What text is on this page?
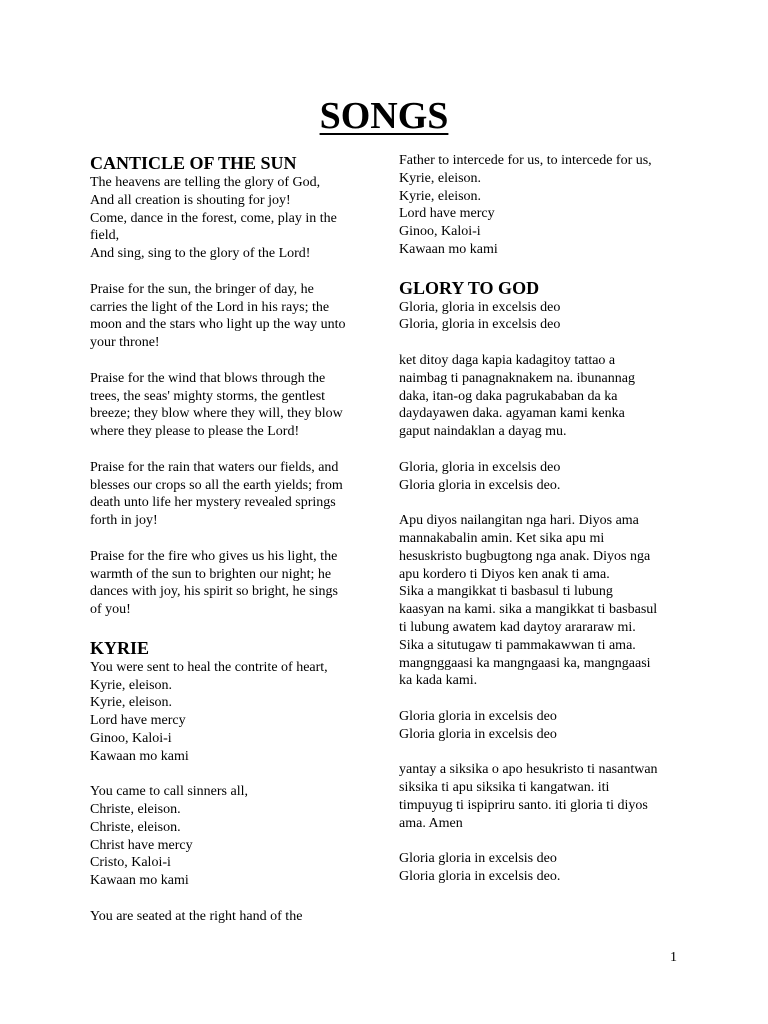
SONGS
CANTICLE OF THE SUN
The heavens are telling the glory of God,
And all creation is shouting for joy!
Come, dance in the forest, come, play in the
field,
And sing, sing to the glory of the Lord!
Praise for the sun, the bringer of day, he
carries the light of the Lord in his rays; the
moon and the stars who light up the way unto
your throne!
Praise for the wind that blows through the
trees, the seas' mighty storms, the gentlest
breeze; they blow where they will, they blow
where they please to please the Lord!
Praise for the rain that waters our fields, and
blesses our crops so all the earth yields; from
death unto life her mystery revealed springs
forth in joy!
Praise for the fire who gives us his light, the
warmth of the sun to brighten our night; he
dances with joy, his spirit so bright, he sings
of you!
KYRIE
You were sent to heal the contrite of heart,
Kyrie, eleison.
Kyrie, eleison.
Lord have mercy
Ginoo, Kaloi-i
Kawaan mo kami
You came to call sinners all,
Christe, eleison.
Christe, eleison.
Christ have mercy
Cristo, Kaloi-i
Kawaan mo kami
You are seated at the right hand of the
Father to intercede for us, to intercede for us,
Kyrie, eleison.
Kyrie, eleison.
Lord have mercy
Ginoo, Kaloi-i
Kawaan mo kami
GLORY TO GOD
Gloria, gloria in excelsis deo
Gloria, gloria in excelsis deo
ket ditoy daga kapia kadagitoy tattao a
naimbag ti panagnaknakem na. ibunannag
daka, itan-og daka pagrukababan da ka
daydayawen daka. agyaman kami kenka
gaput naindaklan a dayag mu.
Gloria, gloria in excelsis deo
Gloria gloria in excelsis deo.
Apu diyos nailangitan nga hari. Diyos ama
mannakabalin amin. Ket sika apu mi
hesuskristo bugbugtong nga anak. Diyos nga
apu kordero ti Diyos ken anak ti ama.
Sika a mangikkat ti basbasul ti lubung
kaasyan na kami. sika a mangikkat ti basbasul
ti lubung awatem kad daytoy arararaw mi.
Sika a situtugaw ti pammakawwan ti ama.
mangnggaasi ka mangngaasi ka, mangngaasi
ka kada kami.
Gloria gloria in excelsis deo
Gloria gloria in excelsis deo
yantay a siksika o apo hesukristo ti nasantwan
siksika ti apu siksika ti kangatwan. iti
timpuyug ti ispipriru santo. iti gloria ti diyos
ama. Amen
Gloria gloria in excelsis deo
Gloria gloria in excelsis deo.
1
